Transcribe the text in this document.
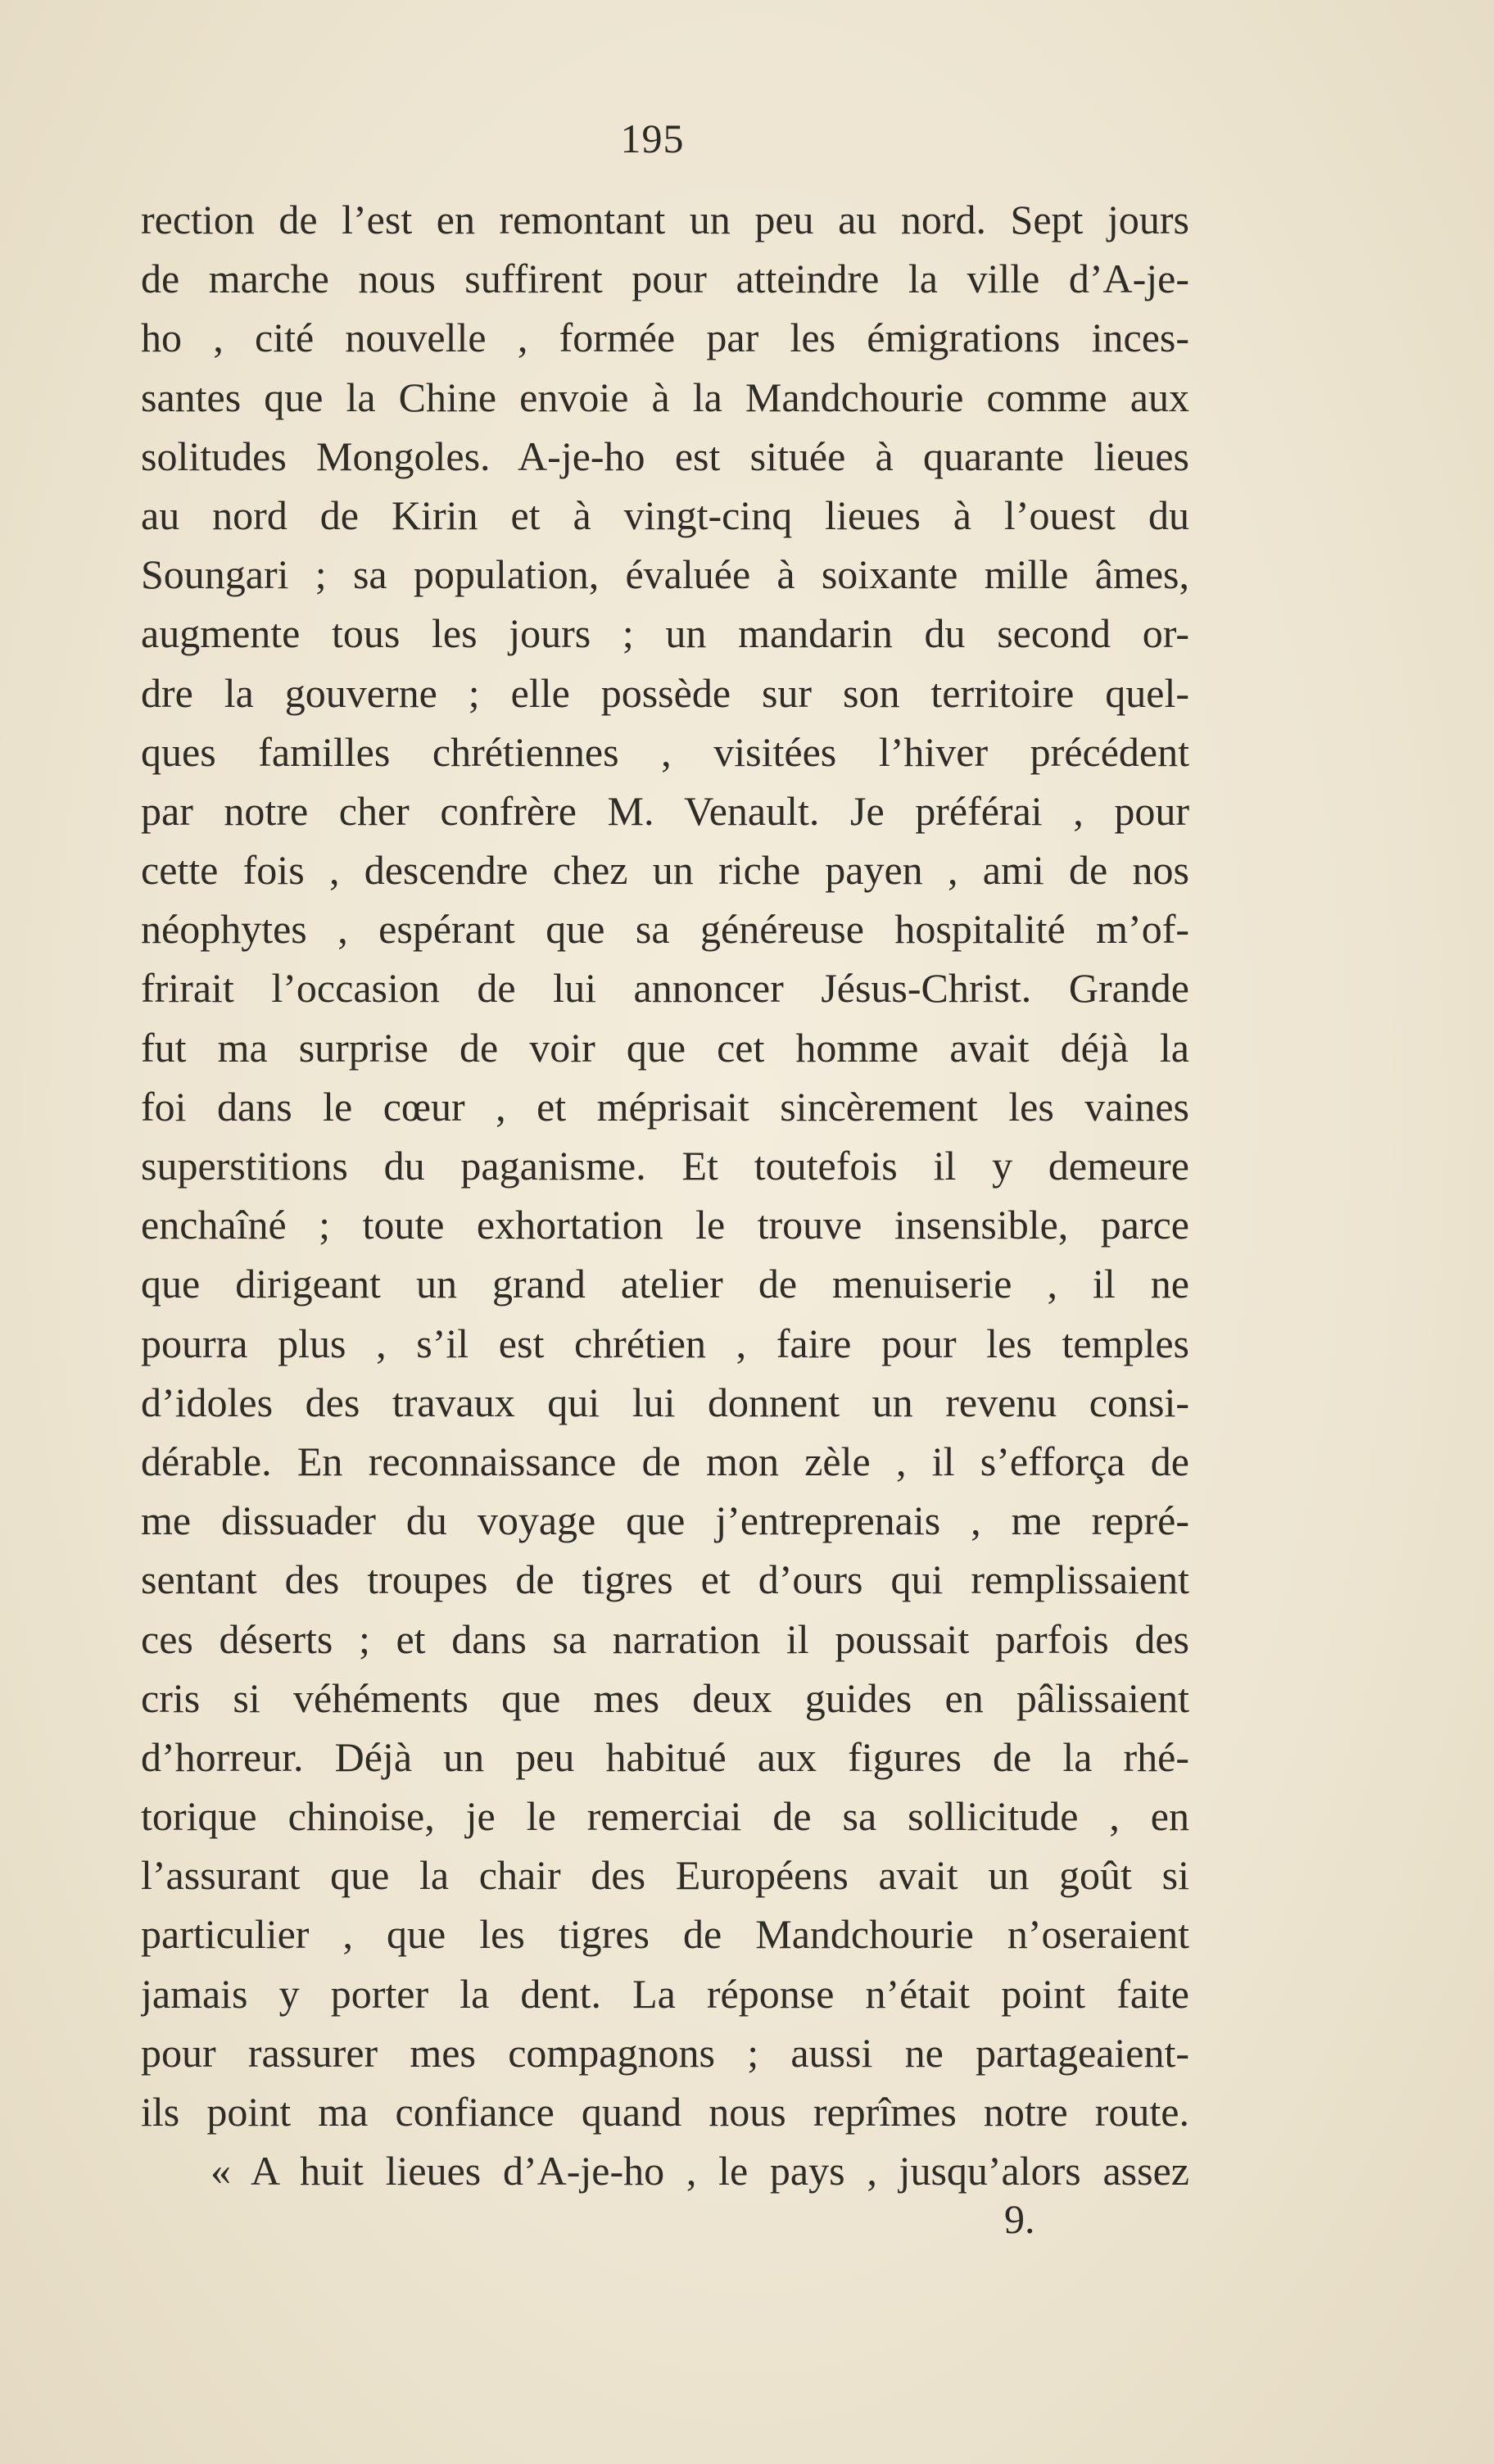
195
rection de l’est en remontant un peu au nord. Sept jours
de marche nous suffirent pour atteindre la ville d’A-je-
ho , cité nouvelle , formée par les émigrations inces-
santes que la Chine envoie à la Mandchourie comme aux
solitudes Mongoles. A-je-ho est située à quarante lieues
au nord de Kirin et à vingt-cinq lieues à l’ouest du
Soungari ; sa population, évaluée à soixante mille âmes,
augmente tous les jours ; un mandarin du second or-
dre la gouverne ; elle possède sur son territoire quel-
ques familles chrétiennes , visitées l’hiver précédent
par notre cher confrère M. Venault. Je préférai , pour
cette fois , descendre chez un riche payen , ami de nos
néophytes , espérant que sa généreuse hospitalité m’of-
frirait l’occasion de lui annoncer Jésus-Christ. Grande
fut ma surprise de voir que cet homme avait déjà la
foi dans le cœur , et méprisait sincèrement les vaines
superstitions du paganisme. Et toutefois il y demeure
enchaîné ; toute exhortation le trouve insensible, parce
que dirigeant un grand atelier de menuiserie , il ne
pourra plus , s’il est chrétien , faire pour les temples
d’idoles des travaux qui lui donnent un revenu consi-
dérable. En reconnaissance de mon zèle , il s’efforça de
me dissuader du voyage que j’entreprenais , me repré-
sentant des troupes de tigres et d’ours qui remplissaient
ces déserts ; et dans sa narration il poussait parfois des
cris si véhéments que mes deux guides en pâlissaient
d’horreur. Déjà un peu habitué aux figures de la rhé-
torique chinoise, je le remerciai de sa sollicitude , en
l’assurant que la chair des Européens avait un goût si
particulier , que les tigres de Mandchourie n’oseraient
jamais y porter la dent. La réponse n’était point faite
pour rassurer mes compagnons ; aussi ne partageaient-
ils point ma confiance quand nous reprîmes notre route.
« A huit lieues d’A-je-ho , le pays , jusqu’alors assez
9.
